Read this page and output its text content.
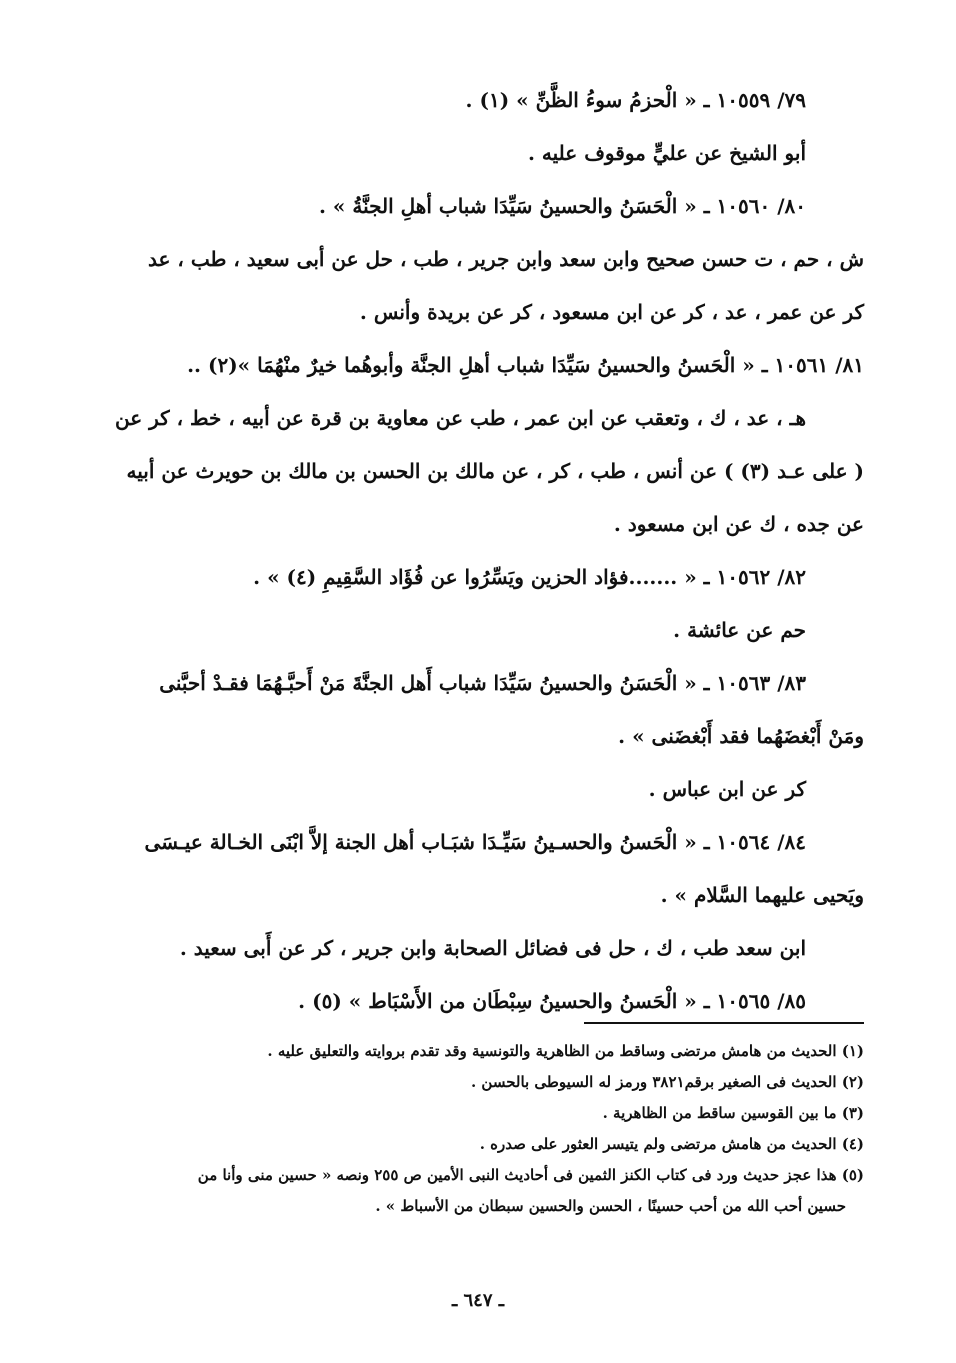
٧٩/ ١٠٥٥٩ ـ « الْحزمُ سوءُ الظَّنِّ » (١) .
أبو الشيخ عن عليٍّ موقوف عليه .
٨٠/ ١٠٥٦٠ ـ « الْحَسَنُ والحسينُ سَيِّدَا شباب أهلِ الجنَّةُ » .
ش ، حم ، ت حسن صحيح وابن سعد وابن جرير ، طب ، حل عن أبى سعيد ، طب ، عد
كر عن عمر ، عد ، كر عن ابن مسعود ، كر عن بريدة وأنس .
٨١/ ١٠٥٦١ ـ « الْحَسنُ والحسينُ سَيِّدَا شباب أهلِ الجنَّة وأبوهُما خيرٌ منْهُمَا »(٢) ..
هـ ، عد ، ك ، وتعقب عن ابن عمر ، طب عن معاوية بن قرة عن أبيه ، خط ، كر عن
( على عـد (٣) ) عن أنس ، طب ، كر ، عن مالك بن الحسن بن مالك بن حويرث عن أبيه
عن جده ، ك عن ابن مسعود .
٨٢/ ١٠٥٦٢ ـ « .......فؤاد الحزين ويَسِّرُوا عن فُؤَاد السَّقِيمِ (٤) » .
حم عن عائشة .
٨٣/ ١٠٥٦٣ ـ « الْحَسَنُ والحسينُ سَيِّدَا شباب أَهل الجنَّةَ مَنْ أَحبَّـهُمَا فقـدْ أحبَّنى
ومَنْ أَبْغضَهُما فقد أَبْغضَنى » .
كر عن ابن عباس .
٨٤/ ١٠٥٦٤ ـ « الْحَسنُ والحسـينُ سَيِّـدَا شبَـاب أهل الجنة إلاَّ ابْنَى الخـالة عيـسَى
ويَحيى عليهما السَّلام » .
ابن سعد طب ، ك ، حل فى فضائل الصحابة وابن جرير ، كر عن أَبى سعيد .
٨٥/ ١٠٥٦٥ ـ « الْحَسنُ والحسينُ سِبْطَان من الأَسْبَاط » (٥) .
(١) الحديث من هامش مرتضى وساقط من الظاهرية والتونسية وقد تقدم بروايته والتعليق عليه .
(٢) الحديث فى الصغير برقم٣٨٢١ ورمز له السيوطى بالحسن .
(٣) ما بين القوسين ساقط من الظاهرية .
(٤) الحديث من هامش مرتضى ولم يتيسر العثور على صدره .
(٥) هذا عجز حديث ورد فى كتاب الكنز الثمين فى أحاديث النبى الأمين ص ٢٥٥ ونصه « حسين منى وأنا من
حسين أحب الله من أحب حسينًا ، الحسن والحسين سبطان من الأسباط » .
ـ ٦٤٧ ـ
